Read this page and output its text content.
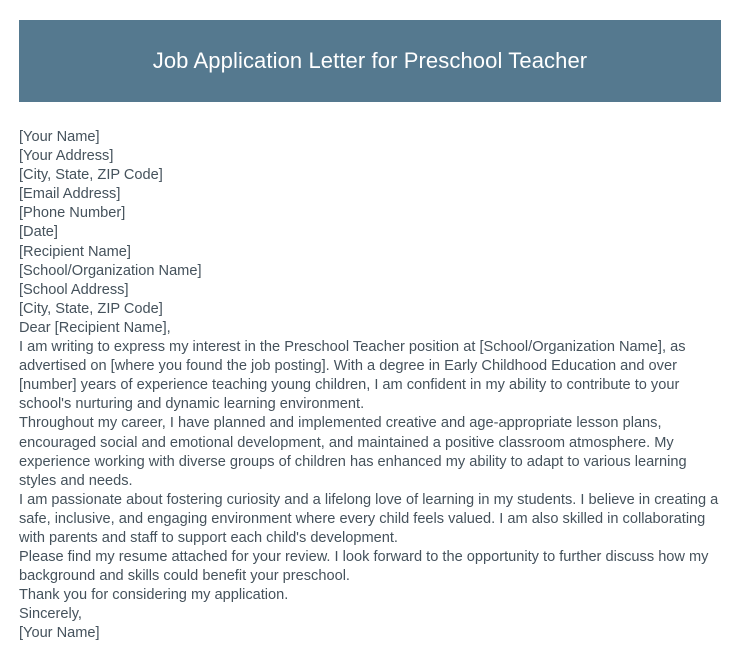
Job Application Letter for Preschool Teacher
[Your Name]
[Your Address]
[City, State, ZIP Code]
[Email Address]
[Phone Number]
[Date]
[Recipient Name]
[School/Organization Name]
[School Address]
[City, State, ZIP Code]
Dear [Recipient Name],
I am writing to express my interest in the Preschool Teacher position at [School/Organization Name], as advertised on [where you found the job posting]. With a degree in Early Childhood Education and over [number] years of experience teaching young children, I am confident in my ability to contribute to your school's nurturing and dynamic learning environment.
Throughout my career, I have planned and implemented creative and age-appropriate lesson plans, encouraged social and emotional development, and maintained a positive classroom atmosphere. My experience working with diverse groups of children has enhanced my ability to adapt to various learning styles and needs.
I am passionate about fostering curiosity and a lifelong love of learning in my students. I believe in creating a safe, inclusive, and engaging environment where every child feels valued. I am also skilled in collaborating with parents and staff to support each child's development.
Please find my resume attached for your review. I look forward to the opportunity to further discuss how my background and skills could benefit your preschool.
Thank you for considering my application.
Sincerely,
[Your Name]
